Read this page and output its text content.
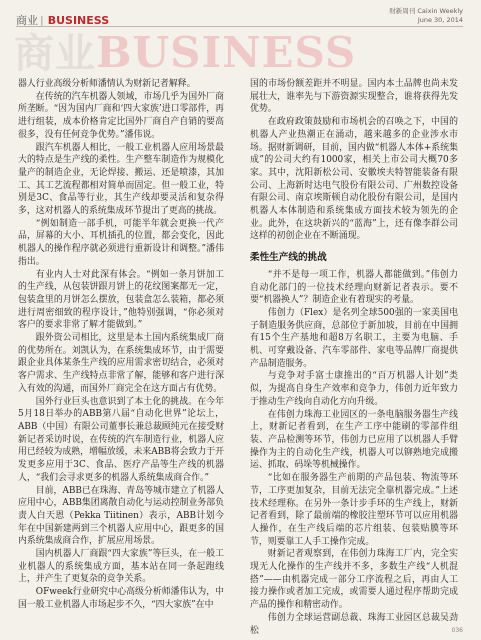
商业BUSINESS
商业 | BUSINESS
财新周刊 Caixin Weekly
June 30, 2014

器人行业高级分析师潘情认为财新记者解释。

在传统的汽车机器人领域，市场几乎为国外厂商所垄断。“因为国内厂商和‘四大家族’进口零部件，再进行组装，成本价格肯定比国外厂商自产自销的要高很多，没有任何竞争优势。”潘伟说。

跟汽车机器人相比，一般工业机器人应用场景最大的特点是生产线的柔性。生产整车制造作为规模化量产的制造企业，无论焊接、搬运、还是喷漆，其加工、其工艺流程都相对简单而固定。但一般工业，特别是3C、食品等行业，其生产线却要灵活和复杂得多，这对机器人的系统集成环节提出了更高的挑战。

“例如制造一部手机，可能半年就会更换一代产品，屏幕的大小、耳机插孔的位置，都会变化，因此机器人的操作程序就必须进行重新设计和调整。”潘伟指出。

有业内人士对此深有体会。“例如一条月饼加工的生产线，从包装饼跟月饼上的花纹图案都无一定，包装盒里的月饼怎么摆放，包装盒怎么装箱，都必须进行周密细致的程序设计，”他特别强调，“你必须对客户的要求非常了解才能做到。”

跟外资公司相比，这里是本土国内系统集成厂商的优势所在。刘凯认为，在系统集成环节，由于需要跟企业具体某条生产线的应用需求密切结合，必须对客户需求、生产线特点非常了解，能够和客户进行深入有效的沟通，而国外厂商完全在这方面占有优势。

国外行业巨头也意识到了本土化的挑战。在今年5月18日举办的ABB第八届“自动化世界”论坛上，ABB（中国）有限公司董事长兼总裁顾纯元在接受财新记者采访时说，在传统的汽车制造行业，机器人应用已经较为成熟，增幅放缓，未来ABB将会致力于开发更多应用于3C、食品、医疗产品等生产线的机器人，“我们会寻求更多的机器人系统集成商合作。”

目前，ABB已在珠海、青岛等城市建立了机器人应用中心，ABB集团离散自动化与运动控制业务部负责人白天恩（Pekka Tiitinen）表示，ABB计划今年在中国新建两到三个机器人应用中心，跟更多的国内系统集成商合作，扩展应用场景。

国内机器人厂商跟“四大家族”等巨头，在一般工业机器人的系统集成方面，基本站在同一条起跑线上，并产生了更复杂的竞争关系。

OFweek行业研究中心高级分析师潘伟认为，中国一般工业机器人市场起步不久，“四大家族”在中

国的市场份额差距并不明显。国内本土品牌也尚未发展壮大，谁率先与下游资源实现整合，谁将获得先发优势。

在政府政策鼓励和市场机会的召唤之下，中国的机器人产业热潮正在涌动，越来越多的企业涉水市场。据财新调研，目前，国内做“机器人本体+系统集成”的公司大约有1000家，相关上市公司大概70多家。其中，沈阳新松公司、安徽埃夫特智能装备有限公司、上海新时达电气股份有限公司、广州数控设备有限公司、南京埃斯顿自动化股份有限公司，是国内机器人本体制造和系统集成方面技术较为领先的企业。此外，在这块新兴的“蓝海”上，还有像李群公司这样的初创企业在不断涌现。

柔性生产线的挑战

“并不是每一项工作，机器人都能做到。”伟创力自动化部门的一位技术经理向财新记者表示。要不要“机器换人”？制造企业有着现实的考量。

伟创力（Flex）是名列全球500强的一家美国电子制造服务供应商，总部位于新加坡，目前在中国拥有15个生产基地和超8万名职工，主要为电脑、手机、可穿戴设备、汽车零部件、家电等品牌厂商提供产品制造服务。

与竞争对手富士康推出的“百万机器人计划”类似，为提高自身生产效率和竞争力，伟创力近年致力于推动生产线向自动化方向升级。

在伟创力珠海工业园区的一条电脑服务器生产线上，财新记者看到，在生产工序中能刷的零部件组装、产品检测等环节，伟创力已应用了以机器人手臂操作为主的自动化生产线，机器人可以铆熟地完成搬运、抓取、码垛等机械操作。

“比如在服务器生产前期的产品包装、物流等环节，工序更加复杂，目前无法完全靠机器完成。”上述技术经理称。在另外一条计步手环的生产线上，财新记者看到，除了最前端的橡胶注塑环节可以应用机器人操作，在生产线后端的芯片组装、包装贴膜等环节，则要靠工人手工操作完成。

财新记者观察到，在伟创力珠海工厂内，完全实现无人化操作的生产线并不多，多数生产线“人机混搭”——由机器完成一部分工序流程之后，再由人工接力操作或者加工完成，或需要人通过程序帮助完成产品的操作和精密动作。

伟创力全球运营副总裁、珠海工业园区总裁吴劲松	036
